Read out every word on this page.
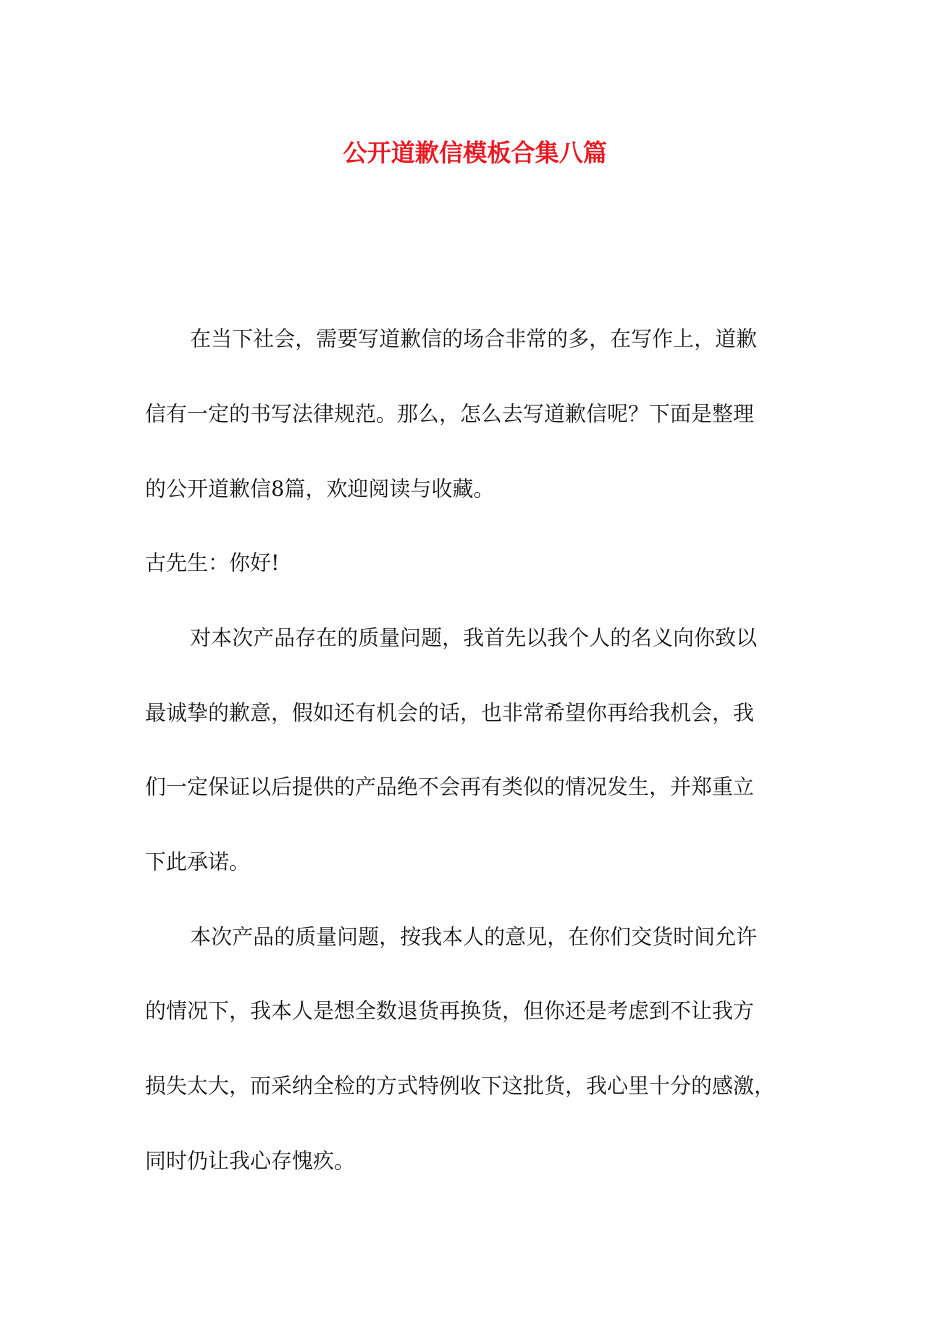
公开道歉信模板合集八篇

在当下社会，需要写道歉信的场合非常的多，在写作上，道歉

信有一定的书写法律规范。那么，怎么去写道歉信呢？下面是整理

的公开道歉信8篇，欢迎阅读与收藏。

古先生：你好!

对本次产品存在的质量问题，我首先以我个人的名义向你致以

最诚挚的歉意，假如还有机会的话，也非常希望你再给我机会，我

们一定保证以后提供的产品绝不会再有类似的情况发生，并郑重立

下此承诺。

本次产品的质量问题，按我本人的意见，在你们交货时间允许

的情况下，我本人是想全数退货再换货，但你还是考虑到不让我方

损失太大，而采纳全检的方式特例收下这批货，我心里十分的感激，

同时仍让我心存愧疚。
